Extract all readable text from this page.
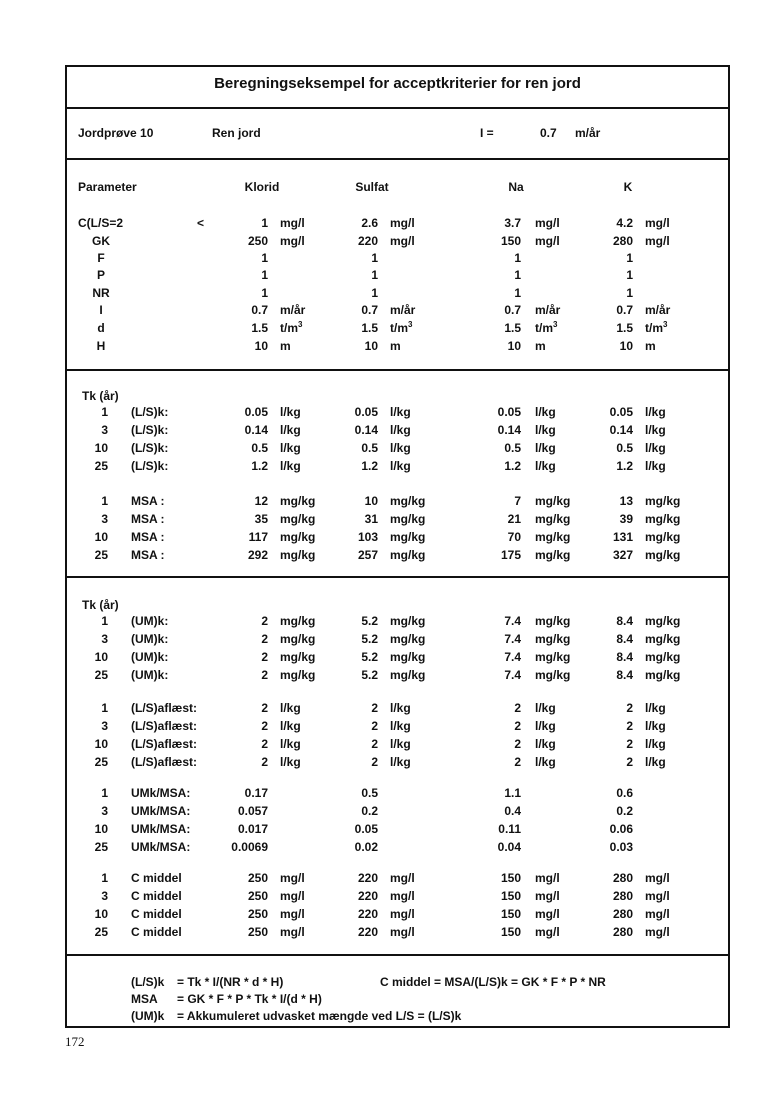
Beregningseksempel for acceptkriterier for ren jord
Jordprøve 10	Ren jord	I =	0.7 m/år
Parameter	Klorid	Sulfat	Na	K
C(L/S=2	<	1 mg/l	2.6 mg/l	3.7 mg/l	4.2 mg/l
GK	250 mg/l	220 mg/l	150 mg/l	280 mg/l
F	1	1	1	1
P	1	1	1	1
NR	1	1	1	1
I	0.7 m/år	0.7 m/år	0.7 m/år	0.7 m/år
d	1.5 $t/m^3$	1.5 $t/m^3$	1.5 $t/m^3$	1.5 $t/m^3$
H	10 m	10 m	10 m	10 m
Tk (år)
Tk (år)
1 (L/S)k:	0.05 l/kg	0.05 l/kg	0.05 l/kg	0.05 l/kg
3 (L/S)k:	0.14 l/kg	0.14 l/kg	0.14 l/kg	0.14 l/kg
10 (L/S)k:	0.5 l/kg	0.5 l/kg	0.5 l/kg	0.5 l/kg
25 (L/S)k:	1.2 l/kg	1.2 l/kg	1.2 l/kg	1.2 l/kg
1 MSA :	12 mg/kg	10 mg/kg	7 mg/kg	13 mg/kg
3 MSA :	35 mg/kg	31 mg/kg	21 mg/kg	39 mg/kg
10 MSA :	117 mg/kg	103 mg/kg	70 mg/kg	131 mg/kg
25 MSA :	292 mg/kg	257 mg/kg	175 mg/kg	327 mg/kg
1 (UM)k:	2 mg/kg	5.2 mg/kg	7.4 mg/kg	8.4 mg/kg
3 (UM)k:	2 mg/kg	5.2 mg/kg	7.4 mg/kg	8.4 mg/kg
10 (UM)k:	2 mg/kg	5.2 mg/kg	7.4 mg/kg	8.4 mg/kg
25 (UM)k:	2 mg/kg	5.2 mg/kg	7.4 mg/kg	8.4 mg/kg
1 (L/S)aflæst:	2 l/kg	2 l/kg	2 l/kg	2 l/kg
3 (L/S)aflæst:	2 l/kg	2 l/kg	2 l/kg	2 l/kg
10 (L/S)aflæst:	2 l/kg	2 l/kg	2 l/kg	2 l/kg
25 (L/S)aflæst:	2 l/kg	2 l/kg	2 l/kg	2 l/kg
1 UMk/MSA:	0.17	0.5	1.1	0.6
3 UMk/MSA:	0.057	0.2	0.4	0.2
10 UMk/MSA:	0.017	0.05	0.11	0.06
25 UMk/MSA:	0.0069	0.02	0.04	0.03
1 C middel	250 mg/l	220 mg/l	150 mg/l	280 mg/l
3 C middel	250 mg/l	220 mg/l	150 mg/l	280 mg/l
10 C middel	250 mg/l	220 mg/l	150 mg/l	280 mg/l
25 C middel	250 mg/l	220 mg/l	150 mg/l	280 mg/l
(L/S)k = Tk * I/(NR * d * H)	C middel = MSA/(L/S)k = GK * F * P * NR
MSA = GK * F * P * Tk * I/(d * H)
(UM)k = Akkumuleret udvasket mængde ved L/S = (L/S)k
172
